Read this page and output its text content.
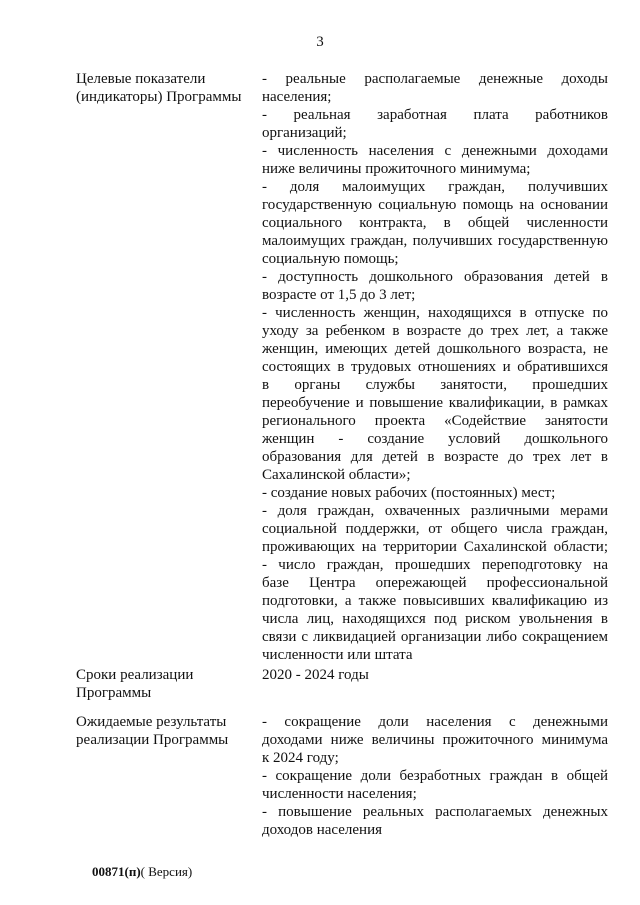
3
Целевые показатели
(индикаторы) Программы
- реальные располагаемые денежные доходы
населения;
- реальная заработная плата работников
организаций;
- численность населения с денежными доходами
ниже величины прожиточного минимума;
- доля малоимущих граждан, получивших
государственную социальную помощь на основании
социального контракта, в общей численности
малоимущих граждан, получивших государственную
социальную помощь;
- доступность дошкольного образования детей в
возрасте от 1,5 до 3 лет;
- численность женщин, находящихся в отпуске по
уходу за ребенком в возрасте до трех лет, а также
женщин, имеющих детей дошкольного возраста, не
состоящих в трудовых отношениях и обратившихся
в органы службы занятости, прошедших
переобучение и повышение квалификации, в рамках
регионального проекта «Содействие занятости
женщин - создание условий дошкольного
образования для детей в возрасте до трех лет в
Сахалинской области»;
- создание новых рабочих (постоянных) мест;
- доля граждан, охваченных различными мерами
социальной поддержки, от общего числа граждан,
проживающих на территории Сахалинской области;
- число граждан, прошедших переподготовку на
базе Центра опережающей профессиональной
подготовки, а также повысивших квалификацию из
числа лиц, находящихся под риском увольнения в
связи с ликвидацией организации либо сокращением
численности или штата
Сроки реализации
Программы
2020 - 2024 годы
Ожидаемые результаты
реализации Программы
- сокращение доли населения с денежными
доходами ниже величины прожиточного минимума
к 2024 году;
- сокращение доли безработных граждан в общей
численности населения;
- повышение реальных располагаемых денежных
доходов населения
00871(п)( Версия)
